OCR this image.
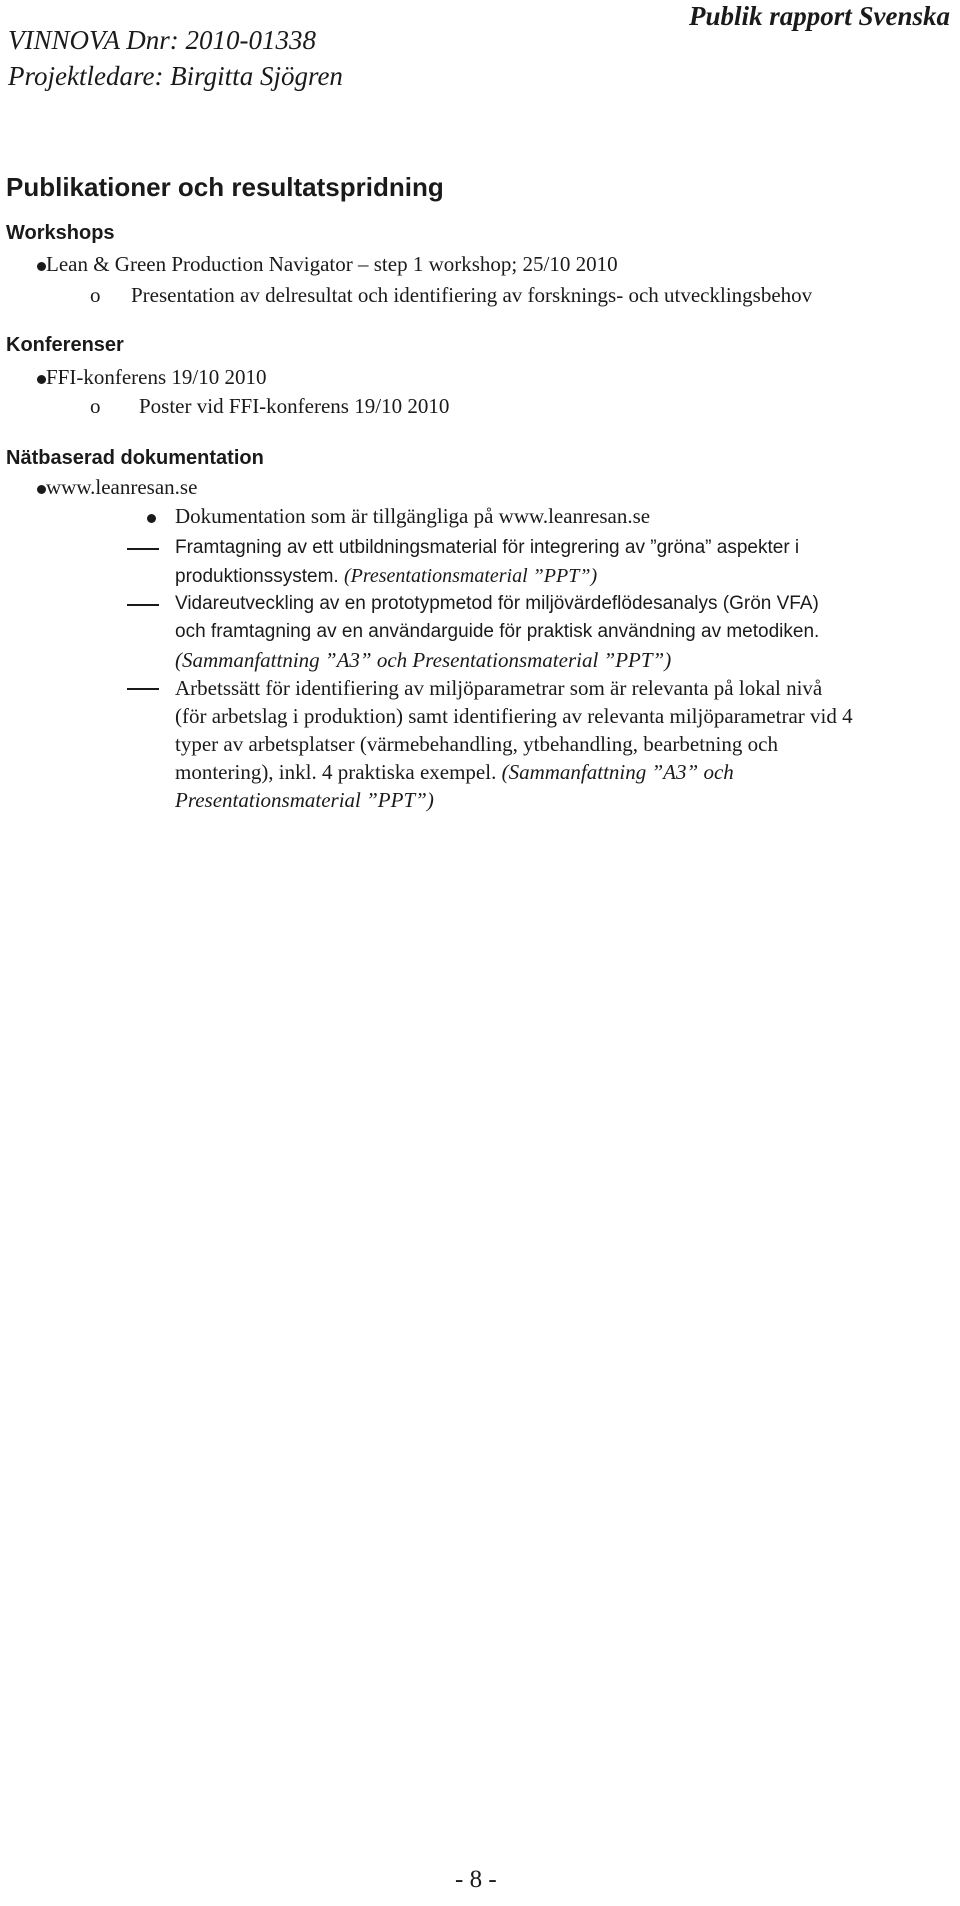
VINNOVA Dnr: 2010-01338
Projektledare: Birgitta Sjögren
Publik rapport Svenska
Publikationer och resultatspridning
Workshops
Lean & Green Production Navigator – step 1 workshop; 25/10 2010
o Presentation av delresultat och identifiering av forsknings- och utvecklingsbehov
Konferenser
FFI-konferens 19/10 2010
o Poster vid FFI-konferens 19/10 2010
Nätbaserad dokumentation
www.leanresan.se
Dokumentation som är tillgängliga på www.leanresan.se
Framtagning av ett utbildningsmaterial för integrering av ”gröna” aspekter i
produktionssystem. (Presentationsmaterial ”PPT”)
Vidareutveckling av en prototypmetod för miljövärdeflödesanalys (Grön VFA)
och framtagning av en användarguide för praktisk användning av metodiken.
(Sammanfattning ”A3” och Presentationsmaterial ”PPT”)
Arbetssätt för identifiering av miljöparametrar som är relevanta på lokal nivå
(för arbetslag i produktion) samt identifiering av relevanta miljöparametrar vid 4
typer av arbetsplatser (värmebehandling, ytbehandling, bearbetning och
montering), inkl. 4 praktiska exempel. (Sammanfattning ”A3” och
Presentationsmaterial ”PPT”)
- 8 -
